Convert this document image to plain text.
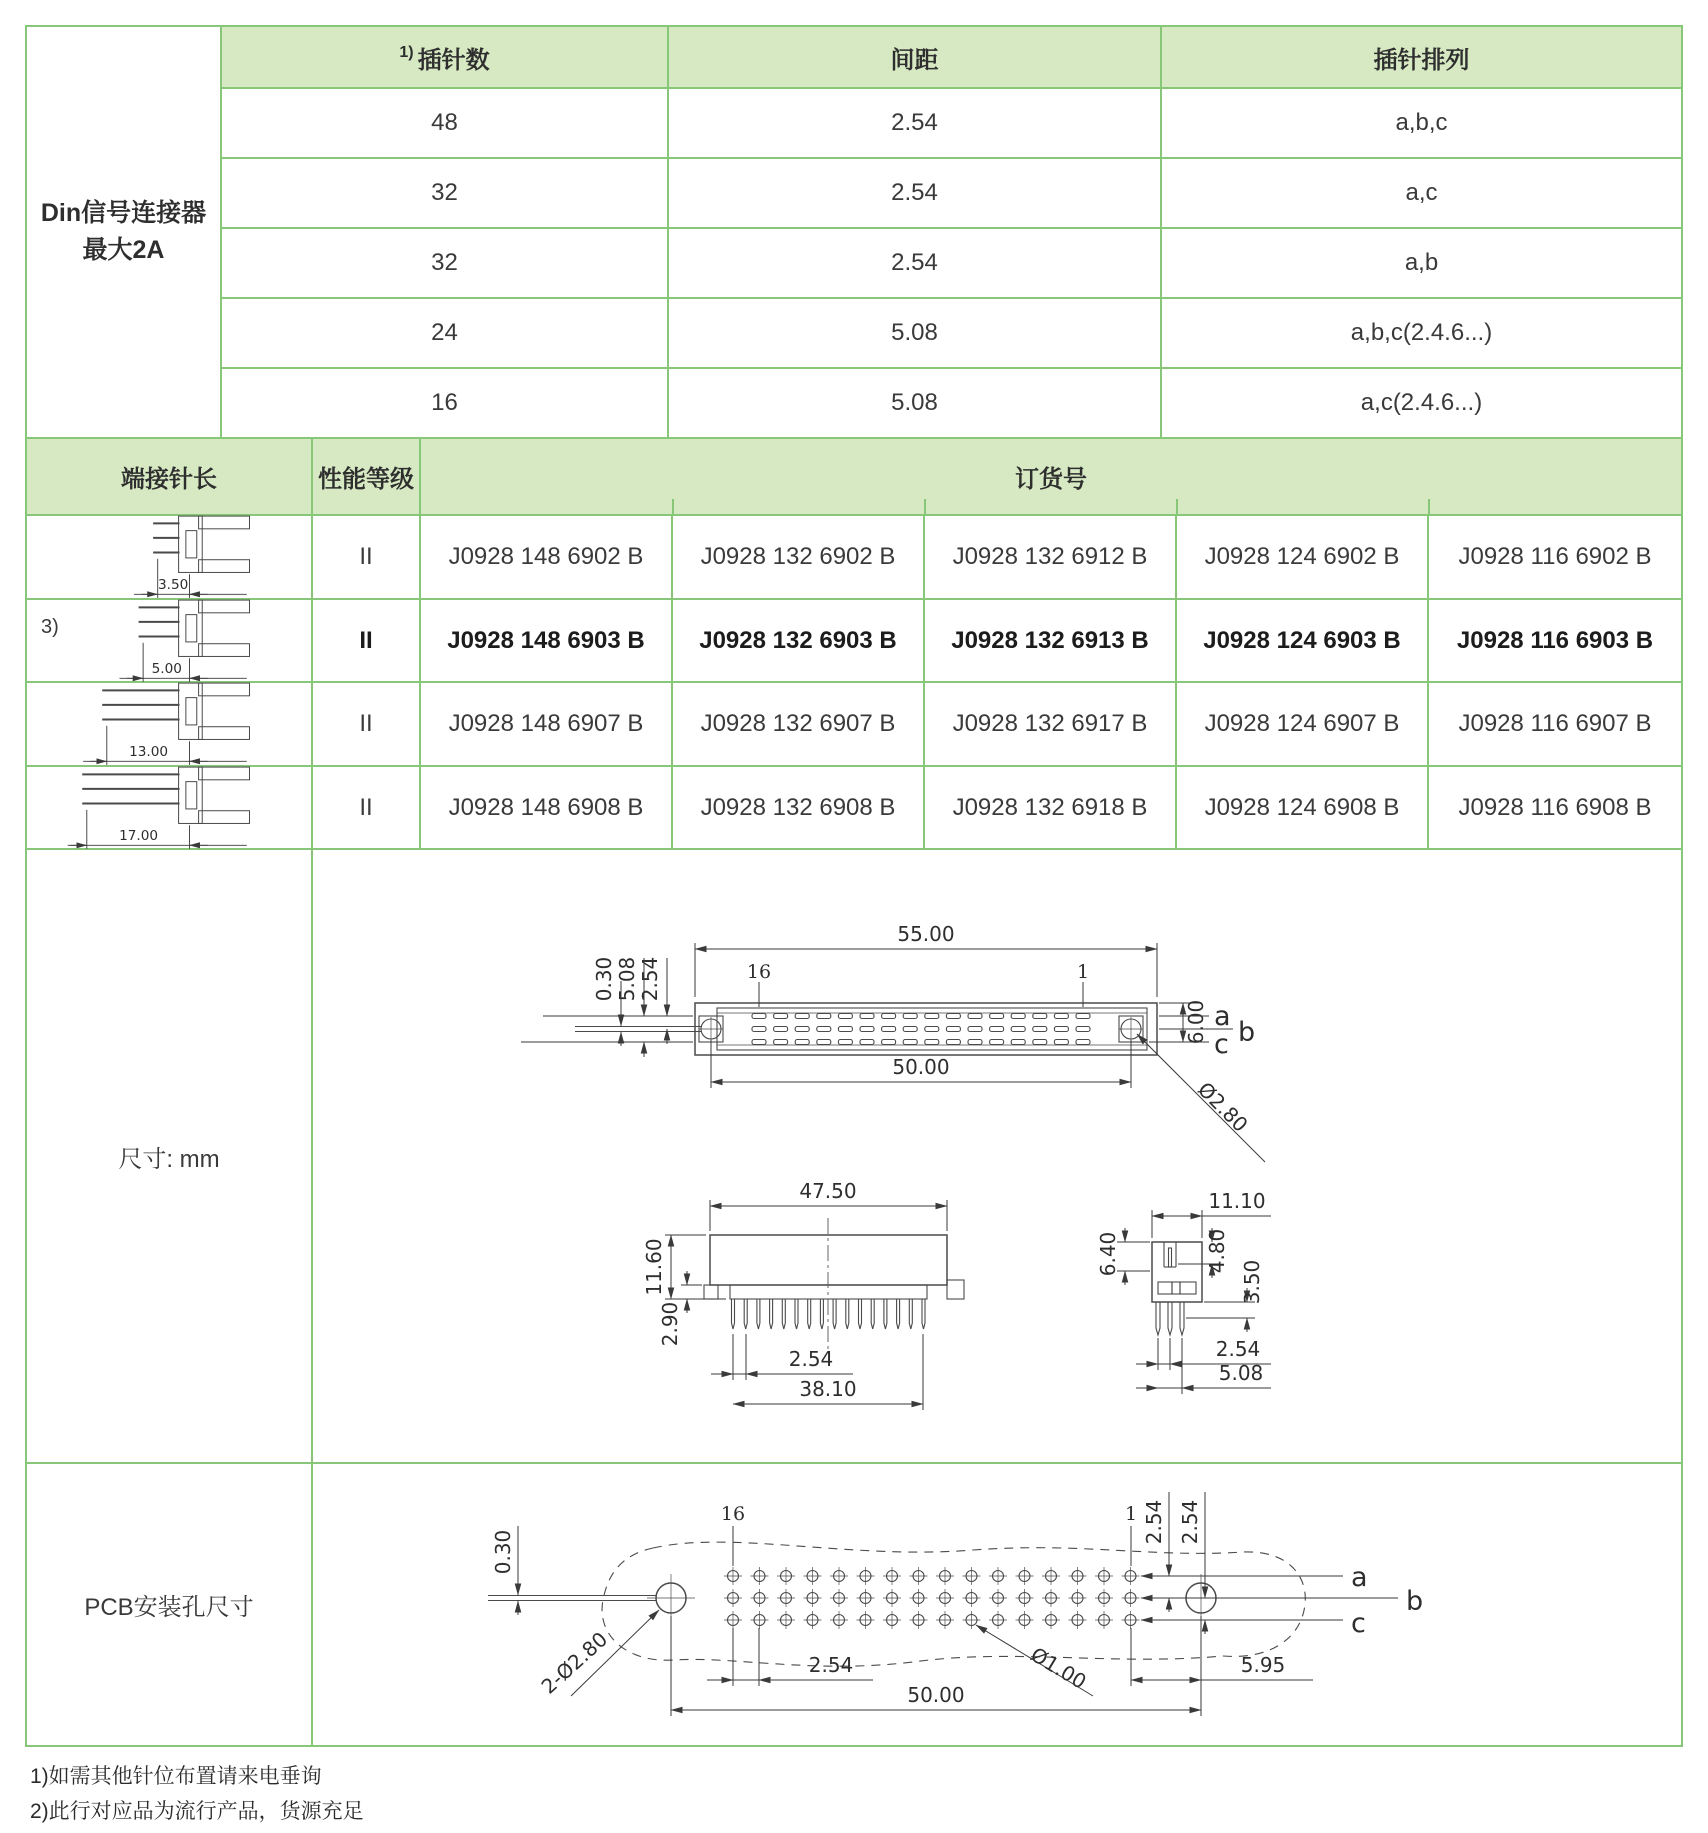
Din信号连接器
最大2A
1) 插针数	间距	插针排列
48	2.54	a,b,c
32	2.54	a,c
32	2.54	a,b
24	5.08	a,b,c(2.4.6...)
16	5.08	a,c(2.4.6...)
端接针长	性能等级	订货号
3.50
II	J0928 148 6902 B	J0928 132 6902 B	J0928 132 6912 B	J0928 124 6902 B	J0928 116 6902 B
3)
5.00
II	J0928 148 6903 B	J0928 132 6903 B	J0928 132 6913 B	J0928 124 6903 B	J0928 116 6903 B
13.00
II	J0928 148 6907 B	J0928 132 6907 B	J0928 132 6917 B	J0928 124 6907 B	J0928 116 6907 B
17.00
II	J0928 148 6908 B	J0928 132 6908 B	J0928 132 6918 B	J0928 124 6908 B	J0928 116 6908 B
尺寸: mm
55.00
16	1
6.00
2.54
5.08
0.30
a
b
c
Ø2.80
50.00
47.50
11.60
2.90
2.54
38.10
11.10
6.40	4.80
3.50
2.54
5.08
PCB安装孔尺寸
16	1
0.30
2-Ø2.80	Ø1.00
2.54
50.00
5.95
2.54 2.54
a
b
c
1)如需其他针位布置请来电垂询
2)此行对应品为流行产品，货源充足
